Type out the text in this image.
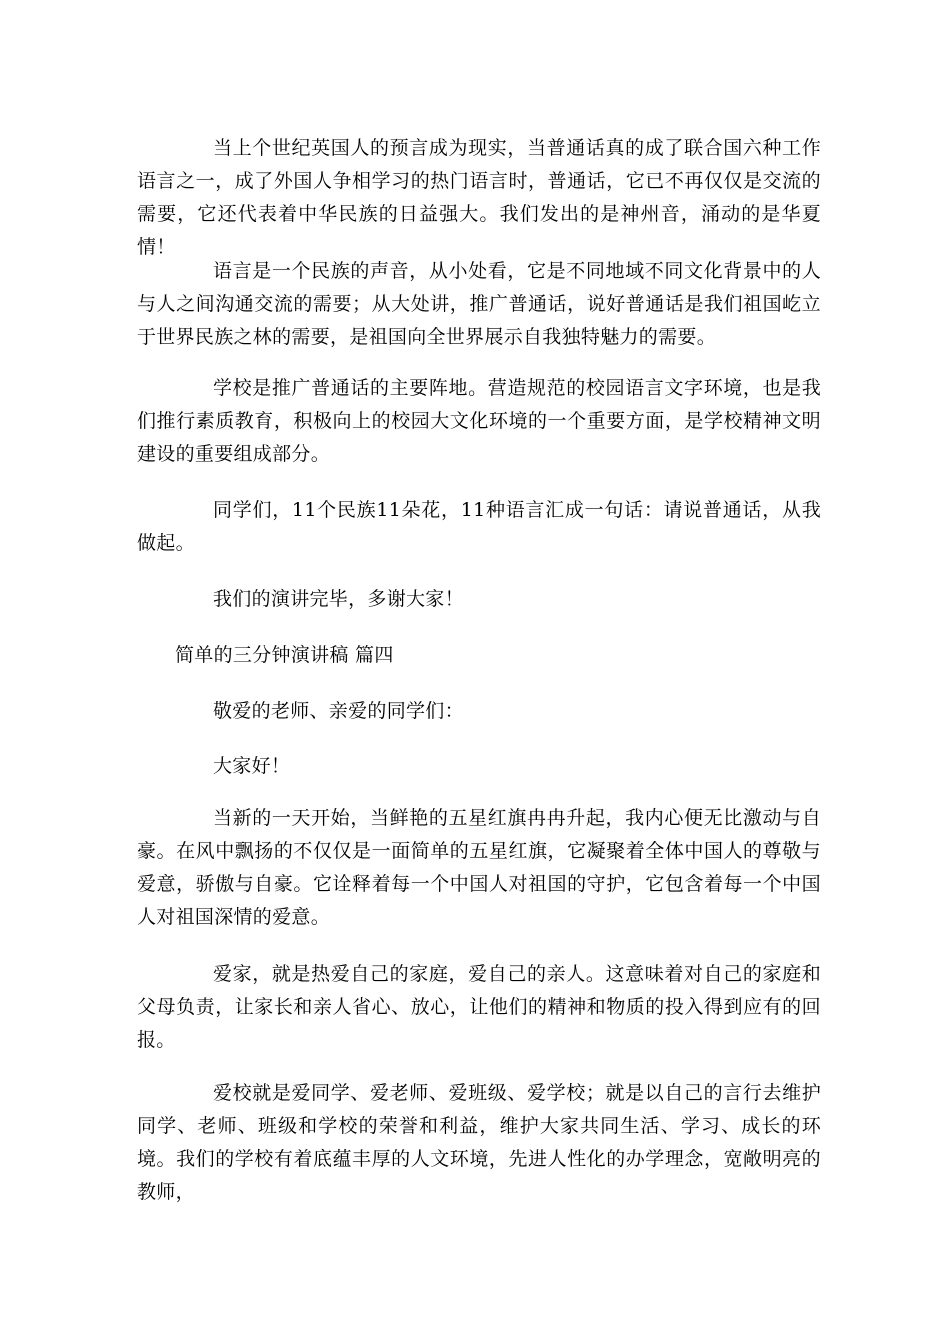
当上个世纪英国人的预言成为现实，当普通话真的成了联合国六种工作语言之一，成了外国人争相学习的热门语言时，普通话，它已不再仅仅是交流的需要，它还代表着中华民族的日益强大。我们发出的是神州音，涌动的是华夏情！

语言是一个民族的声音，从小处看，它是不同地域不同文化背景中的人与人之间沟通交流的需要；从大处讲，推广普通话，说好普通话是我们祖国屹立于世界民族之林的需要，是祖国向全世界展示自我独特魅力的需要。

学校是推广普通话的主要阵地。营造规范的校园语言文字环境，也是我们推行素质教育，积极向上的校园大文化环境的一个重要方面，是学校精神文明建设的重要组成部分。

同学们，11个民族11朵花，11种语言汇成一句话：请说普通话，从我做起。

我们的演讲完毕，多谢大家！

简单的三分钟演讲稿 篇四

敬爱的老师、亲爱的同学们：

大家好！

当新的一天开始，当鲜艳的五星红旗冉冉升起，我内心便无比激动与自豪。在风中飘扬的不仅仅是一面简单的五星红旗，它凝聚着全体中国人的尊敬与爱意，骄傲与自豪。它诠释着每一个中国人对祖国的守护，它包含着每一个中国人对祖国深情的爱意。

爱家，就是热爱自己的家庭，爱自己的亲人。这意味着对自己的家庭和父母负责，让家长和亲人省心、放心，让他们的精神和物质的投入得到应有的回报。

爱校就是爱同学、爱老师、爱班级、爱学校；就是以自己的言行去维护同学、老师、班级和学校的荣誉和利益，维护大家共同生活、学习、成长的环境。我们的学校有着底蕴丰厚的人文环境，先进人性化的办学理念，宽敞明亮的教师，
